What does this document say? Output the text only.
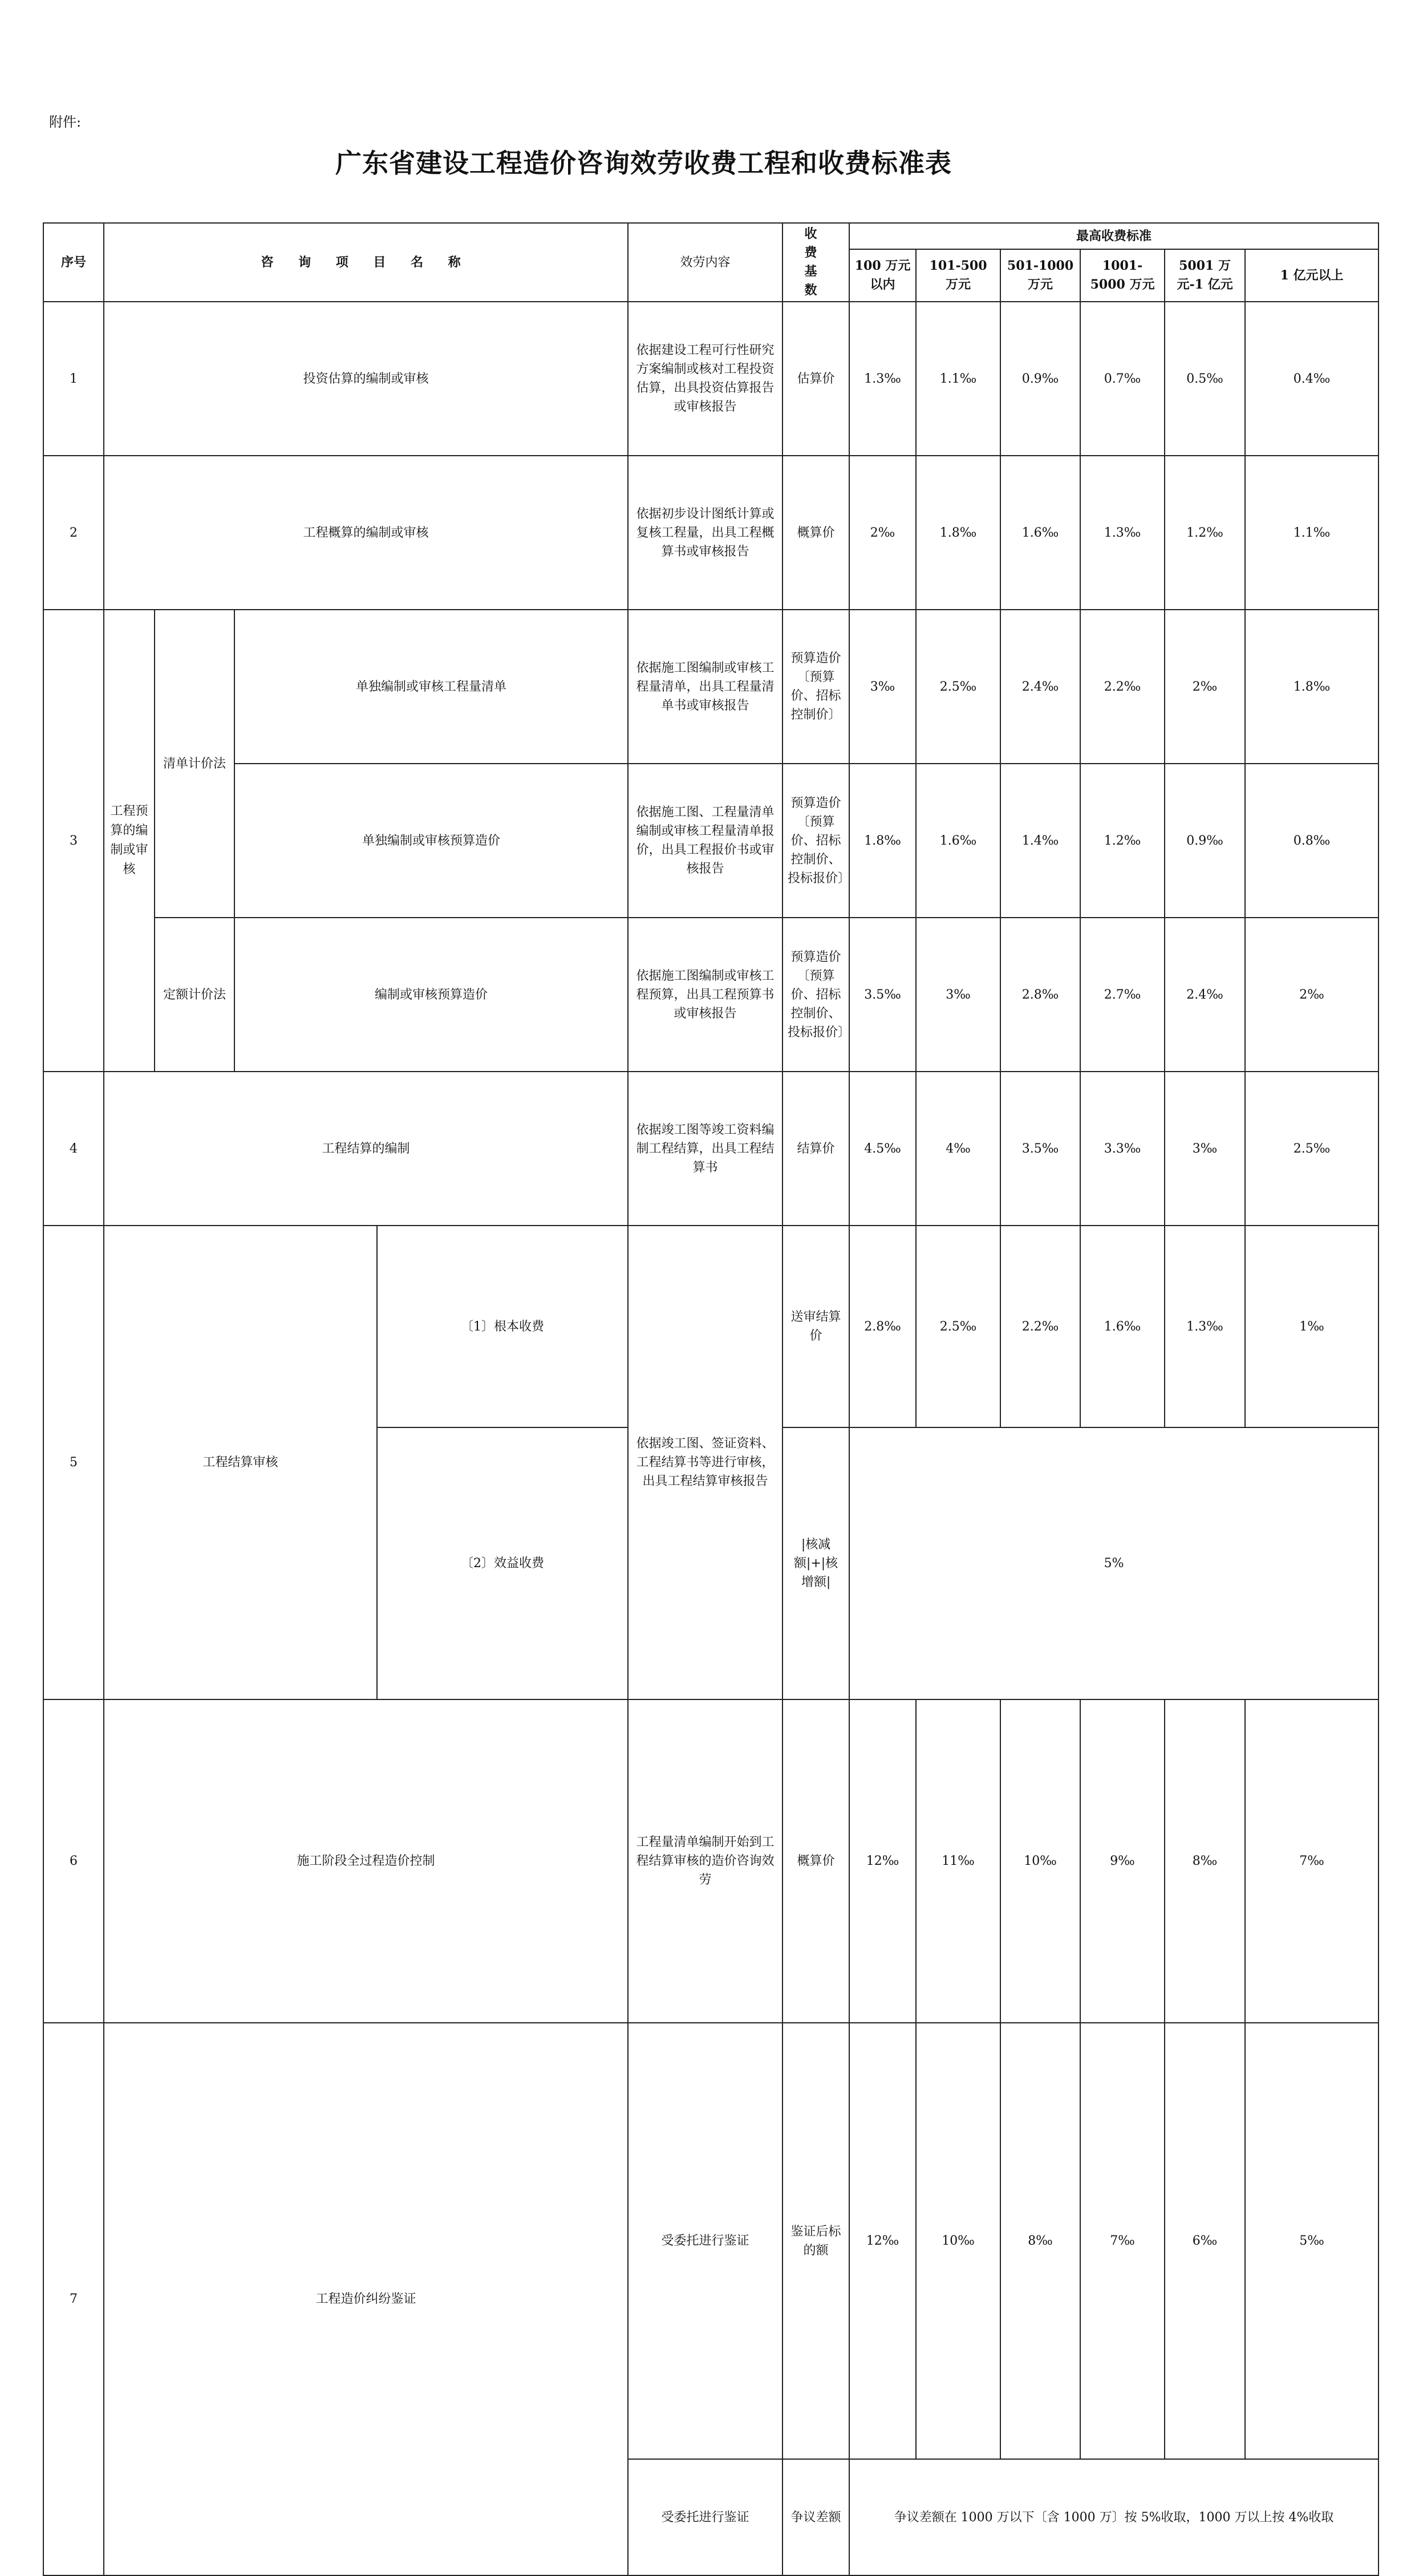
附件:
广东省建设工程造价咨询效劳收费工程和收费标准表
序号	咨 询 项 目 名 称				效劳内容	收 费 基 数	最高收费标准	
							100 万元以内	101-500 万元	501-1000 万元	1001-5000 万元	5001 万元-1 亿元	1 亿元以上	
1	投资估算的编制或审核				依据建设工程可行性研究方案编制或核对工程投资估算，出具投资估算报告或审核报告	估算价	1.3‰	1.1‰	0.9‰	0.7‰	0.5‰	0.4‰	
2	工程概算的编制或审核				依据初步设计图纸计算或复核工程量，出具工程概算书或审核报告	概算价	2‰	1.8‰	1.6‰	1.3‰	1.2‰	1.1‰	
3	工程预算的编制或审核	清单计价法	单独编制或审核工程量清单		依据施工图编制或审核工程量清单，出具工程量清单书或审核报告	预算造价〔预算价、招标控制价〕	3‰	2.5‰	2.4‰	2.2‰	2‰	1.8‰	
			单独编制或审核预算造价		依据施工图、工程量清单编制或审核工程量清单报价，出具工程报价书或审核报告	预算造价〔预算价、招标控制价、投标报价〕	1.8‰	1.6‰	1.4‰	1.2‰	0.9‰	0.8‰	
		定额计价法	编制或审核预算造价		依据施工图编制或审核工程预算，出具工程预算书或审核报告	预算造价〔预算价、招标控制价、投标报价〕	3.5‰	3‰	2.8‰	2.7‰	2.4‰	2‰	
4	工程结算的编制				依据竣工图等竣工资料编制工程结算，出具工程结算书	结算价	4.5‰	4‰	3.5‰	3.3‰	3‰	2.5‰	
5	工程结算审核			〔1〕根本收费	依据竣工图、签证资料、工程结算书等进行审核，出具工程结算审核报告	送审结算价	2.8‰	2.5‰	2.2‰	1.6‰	1.3‰	1‰	
				〔2〕效益收费		|核减额|+|核增额|	5%						
6	施工阶段全过程造价控制				工程量清单编制开始到工程结算审核的造价咨询效劳	概算价	12‰	11‰	10‰	9‰	8‰	7‰	
7	工程造价纠纷鉴证				受委托进行鉴证	鉴证后标的额	12‰	10‰	8‰	7‰	6‰	5‰	
					受委托进行鉴证	争议差额	争议差额在 1000 万以下〔含 1000 万〕按 5%收取，1000 万以上按 4%收取	
